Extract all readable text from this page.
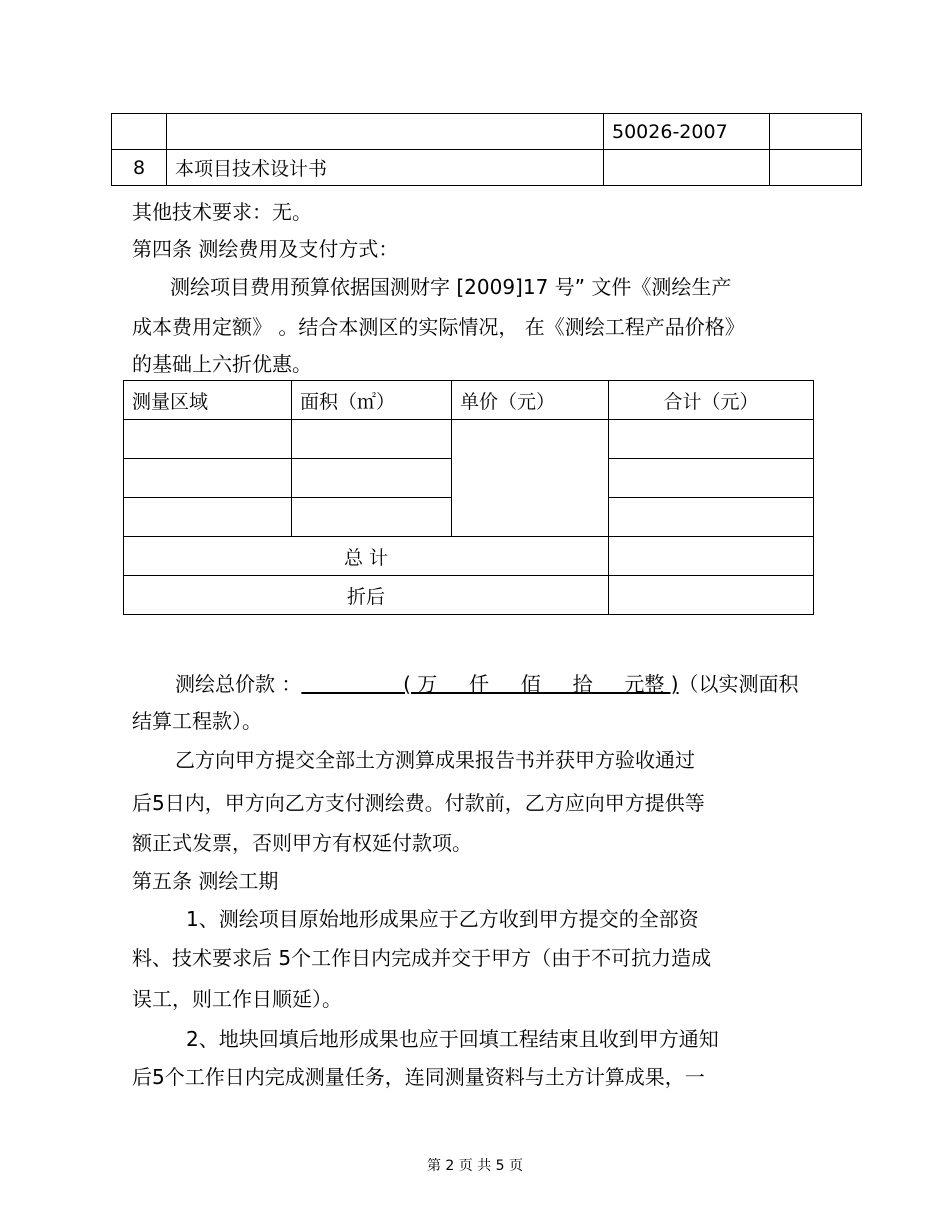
		50026-2007	
8	本项目技术设计书		
其他技术要求：无。
第四条 测绘费用及支付方式：
测绘项目费用预算依据国测财字 [2009]17 号” 文件《测绘生产
成本费用定额》 。结合本测区的实际情况， 在《测绘工程产品价格》
的基础上六折优惠。
测量区域	面积（㎡）	单价（元）	合计（元）

总 计			
折后			
测绘总价款 ：                ( 万     仟     佰     拾     元整 )（以实测面积
结算工程款）。
乙方向甲方提交全部土方测算成果报告书并获甲方验收通过
后5日内，甲方向乙方支付测绘费。付款前，乙方应向甲方提供等
额正式发票，否则甲方有权延付款项。
第五条 测绘工期
1、测绘项目原始地形成果应于乙方收到甲方提交的全部资
料、技术要求后 5个工作日内完成并交于甲方（由于不可抗力造成
误工，则工作日顺延）。
2、地块回填后地形成果也应于回填工程结束且收到甲方通知
后5个工作日内完成测量任务，连同测量资料与土方计算成果，一
第 2 页 共 5 页
